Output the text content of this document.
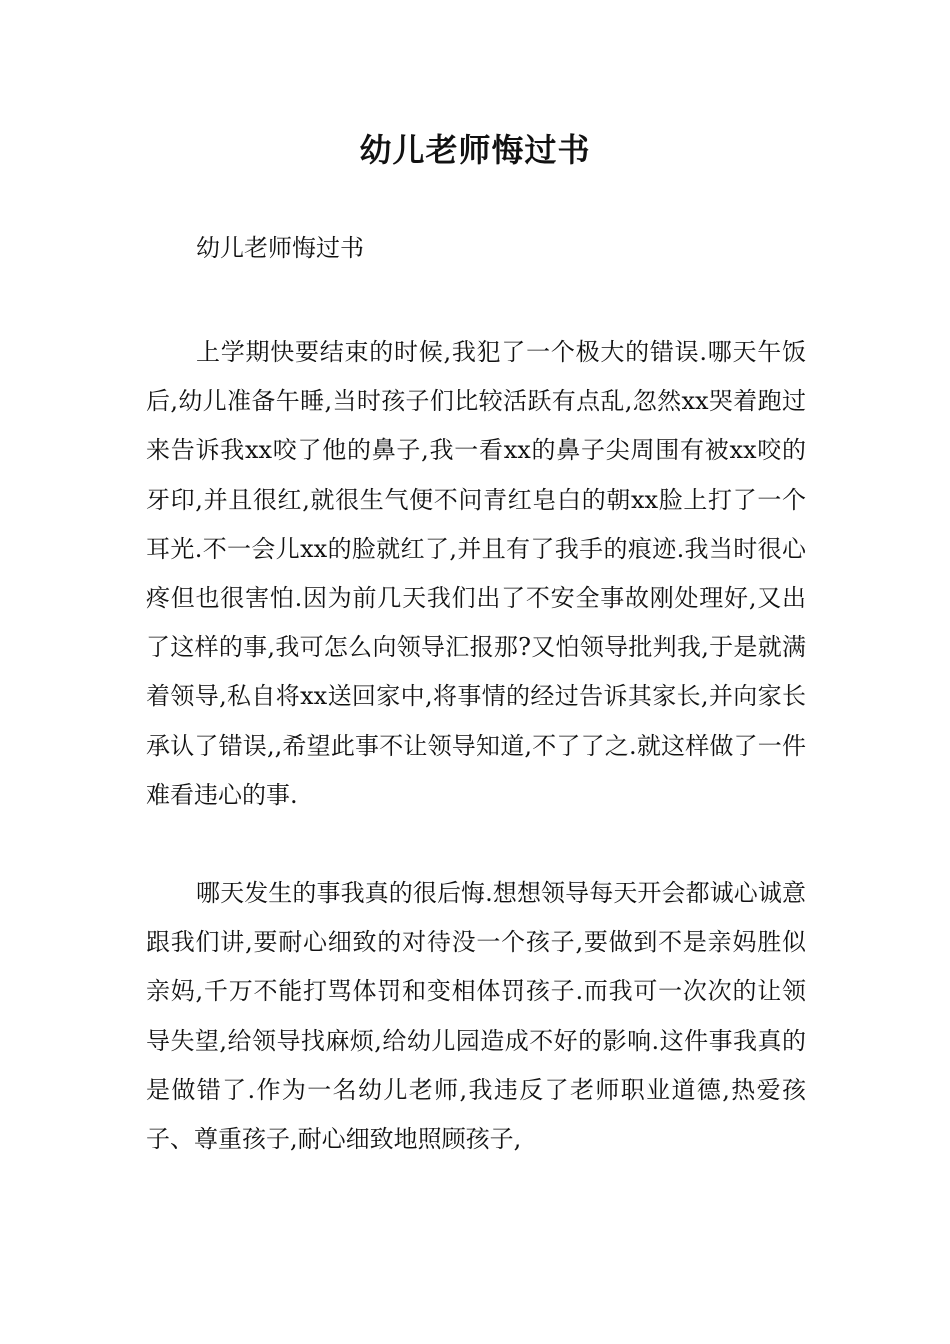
幼儿老师悔过书
幼儿老师悔过书

上学期快要结束的时候,我犯了一个极大的错误.哪天午饭后,幼儿准备午睡,当时孩子们比较活跃有点乱,忽然xx哭着跑过来告诉我xx咬了他的鼻子,我一看xx的鼻子尖周围有被xx咬的牙印,并且很红,就很生气便不问青红皂白的朝xx脸上打了一个耳光.不一会儿xx的脸就红了,并且有了我手的痕迹.我当时很心疼但也很害怕.因为前几天我们出了不安全事故刚处理好,又出了这样的事,我可怎么向领导汇报那?又怕领导批判我,于是就满着领导,私自将xx送回家中,将事情的经过告诉其家长,并向家长承认了错误,,希望此事不让领导知道,不了了之.就这样做了一件难看违心的事.

哪天发生的事我真的很后悔.想想领导每天开会都诚心诚意跟我们讲,要耐心细致的对待没一个孩子,要做到不是亲妈胜似亲妈,千万不能打骂体罚和变相体罚孩子.而我可一次次的让领导失望,给领导找麻烦,给幼儿园造成不好的影响.这件事我真的是做错了.作为一名幼儿老师,我违反了老师职业道德,热爱孩子、尊重孩子,耐心细致地照顾孩子,
